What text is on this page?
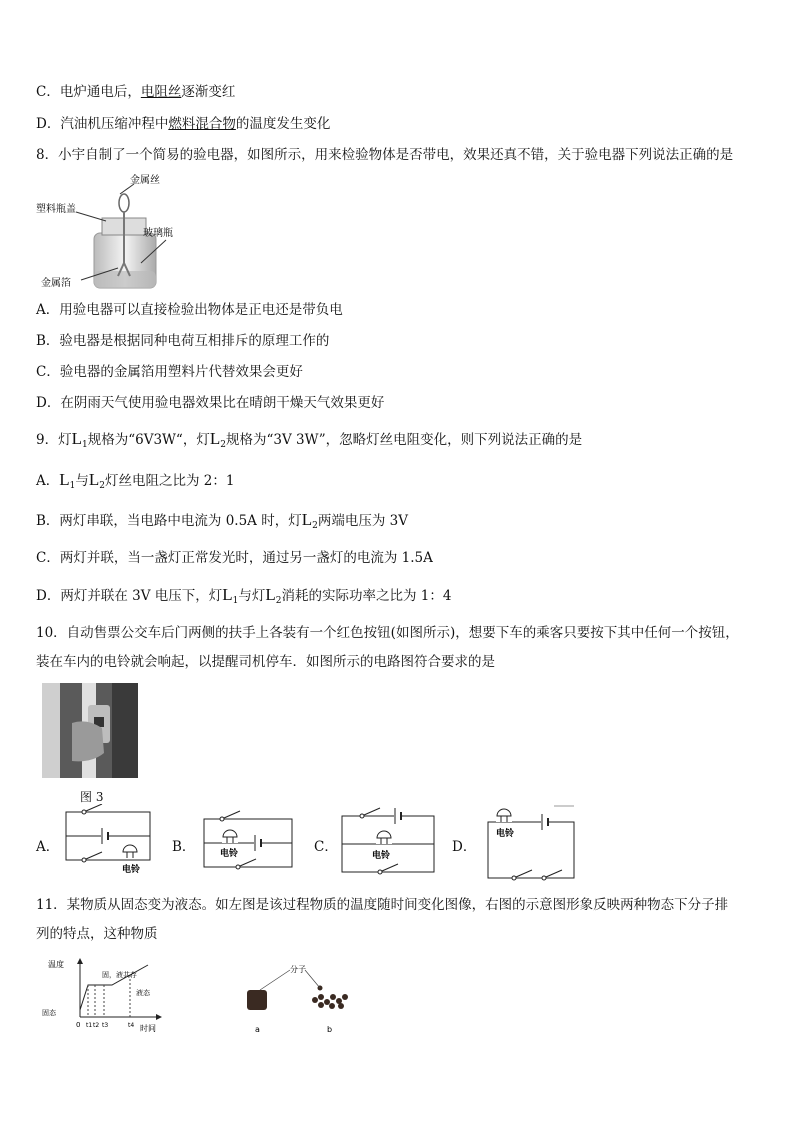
C．电炉通电后，电阻丝逐渐变红
D．汽油机压缩冲程中燃料混合物的温度发生变化
8．小宇自制了一个简易的验电器，如图所示，用来检验物体是否带电，效果还真不错，关于验电器下列说法正确的是
金属丝
塑料瓶盖
玻璃瓶
金属箔
A．用验电器可以直接检验出物体是正电还是带负电
B．验电器是根据同种电荷互相排斥的原理工作的
C．验电器的金属箔用塑料片代替效果会更好
D．在阴雨天气使用验电器效果比在晴朗干燥天气效果更好
9．灯$L_1$规格为“6V3W“，灯$L_2$规格为“3V 3W”，忽略灯丝电阻变化，则下列说法正确的是
A．$L_1$与$L_2$灯丝电阻之比为 2：1
B．两灯串联，当电路中电流为 0.5A 时，灯$L_2$两端电压为 3V
C．两灯并联，当一盏灯正常发光时，通过另一盏灯的电流为 1.5A
D．两灯并联在 3V 电压下，灯$L_1$与灯$L_2$消耗的实际功率之比为 1：4
10．自动售票公交车后门两侧的扶手上各装有一个红色按钮(如图所示)，想要下车的乘客只要按下其中任何一个按钮，
装在车内的电铃就会响起，以提醒司机停车．如图所示的电路图符合要求的是
图 3
A．
电铃
B．	电铃	C．
电铃
D．
电铃
11．某物质从固态变为液态。如左图是该过程物质的温度随时间变化图像，右图的示意图形象反映两种物态下分子排
列的特点，这种物质
温度
时间
0
固态
固，液共存
液态
t1 t2 t3	t4
分子
a	b
